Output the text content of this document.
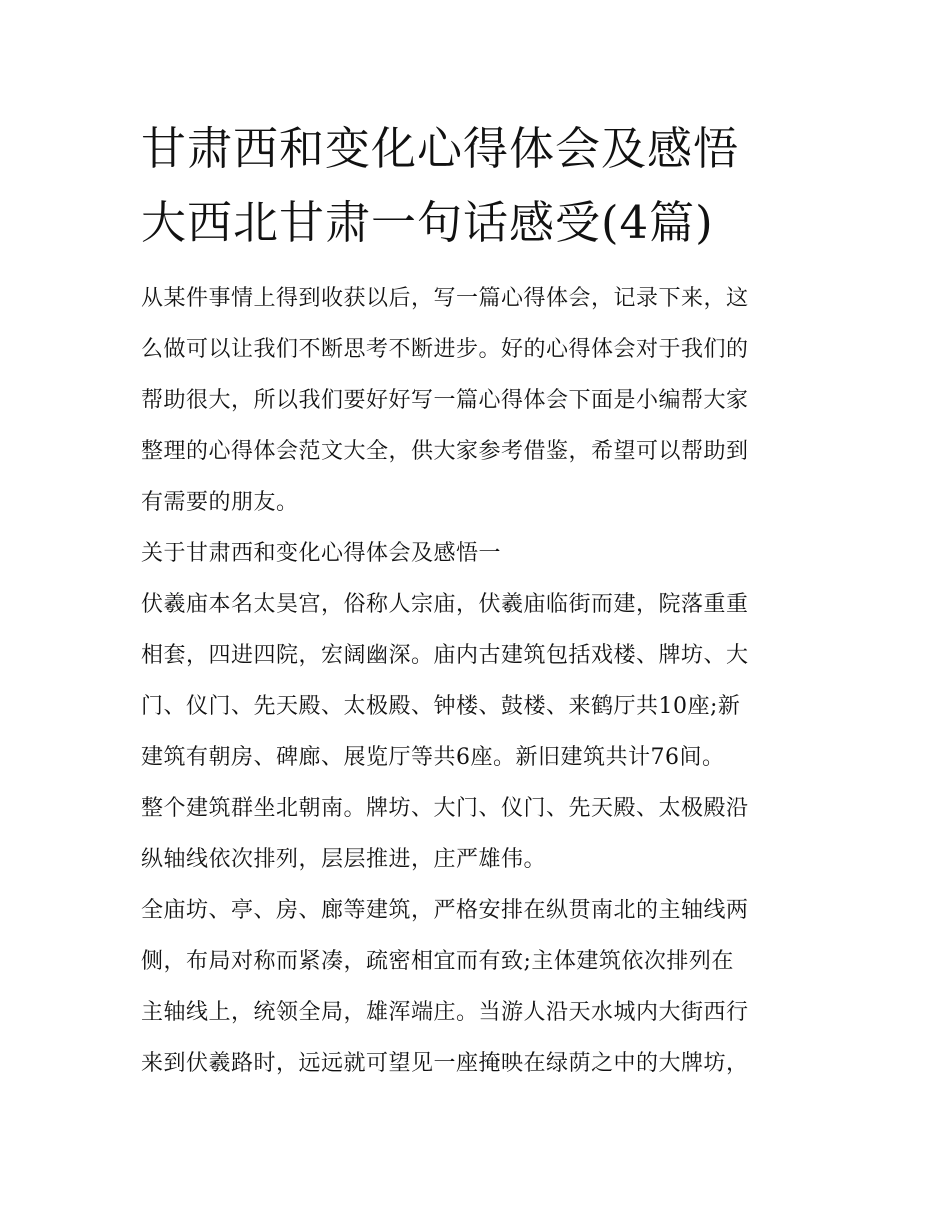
甘肃西和变化心得体会及感悟
大西北甘肃一句话感受(4篇)

从某件事情上得到收获以后，写一篇心得体会，记录下来，这
么做可以让我们不断思考不断进步。好的心得体会对于我们的
帮助很大，所以我们要好好写一篇心得体会下面是小编帮大家
整理的心得体会范文大全，供大家参考借鉴，希望可以帮助到
有需要的朋友。

关于甘肃西和变化心得体会及感悟一

伏羲庙本名太昊宫，俗称人宗庙，伏羲庙临街而建，院落重重
相套，四进四院，宏阔幽深。庙内古建筑包括戏楼、牌坊、大
门、仪门、先天殿、太极殿、钟楼、鼓楼、来鹤厅共10座;新
建筑有朝房、碑廊、展览厅等共6座。新旧建筑共计76间。

整个建筑群坐北朝南。牌坊、大门、仪门、先天殿、太极殿沿
纵轴线依次排列，层层推进，庄严雄伟。

全庙坊、亭、房、廊等建筑，严格安排在纵贯南北的主轴线两
侧，布局对称而紧凑，疏密相宜而有致;主体建筑依次排列在
主轴线上，统领全局，雄浑端庄。当游人沿天水城内大街西行
来到伏羲路时，远远就可望见一座掩映在绿荫之中的大牌坊，
